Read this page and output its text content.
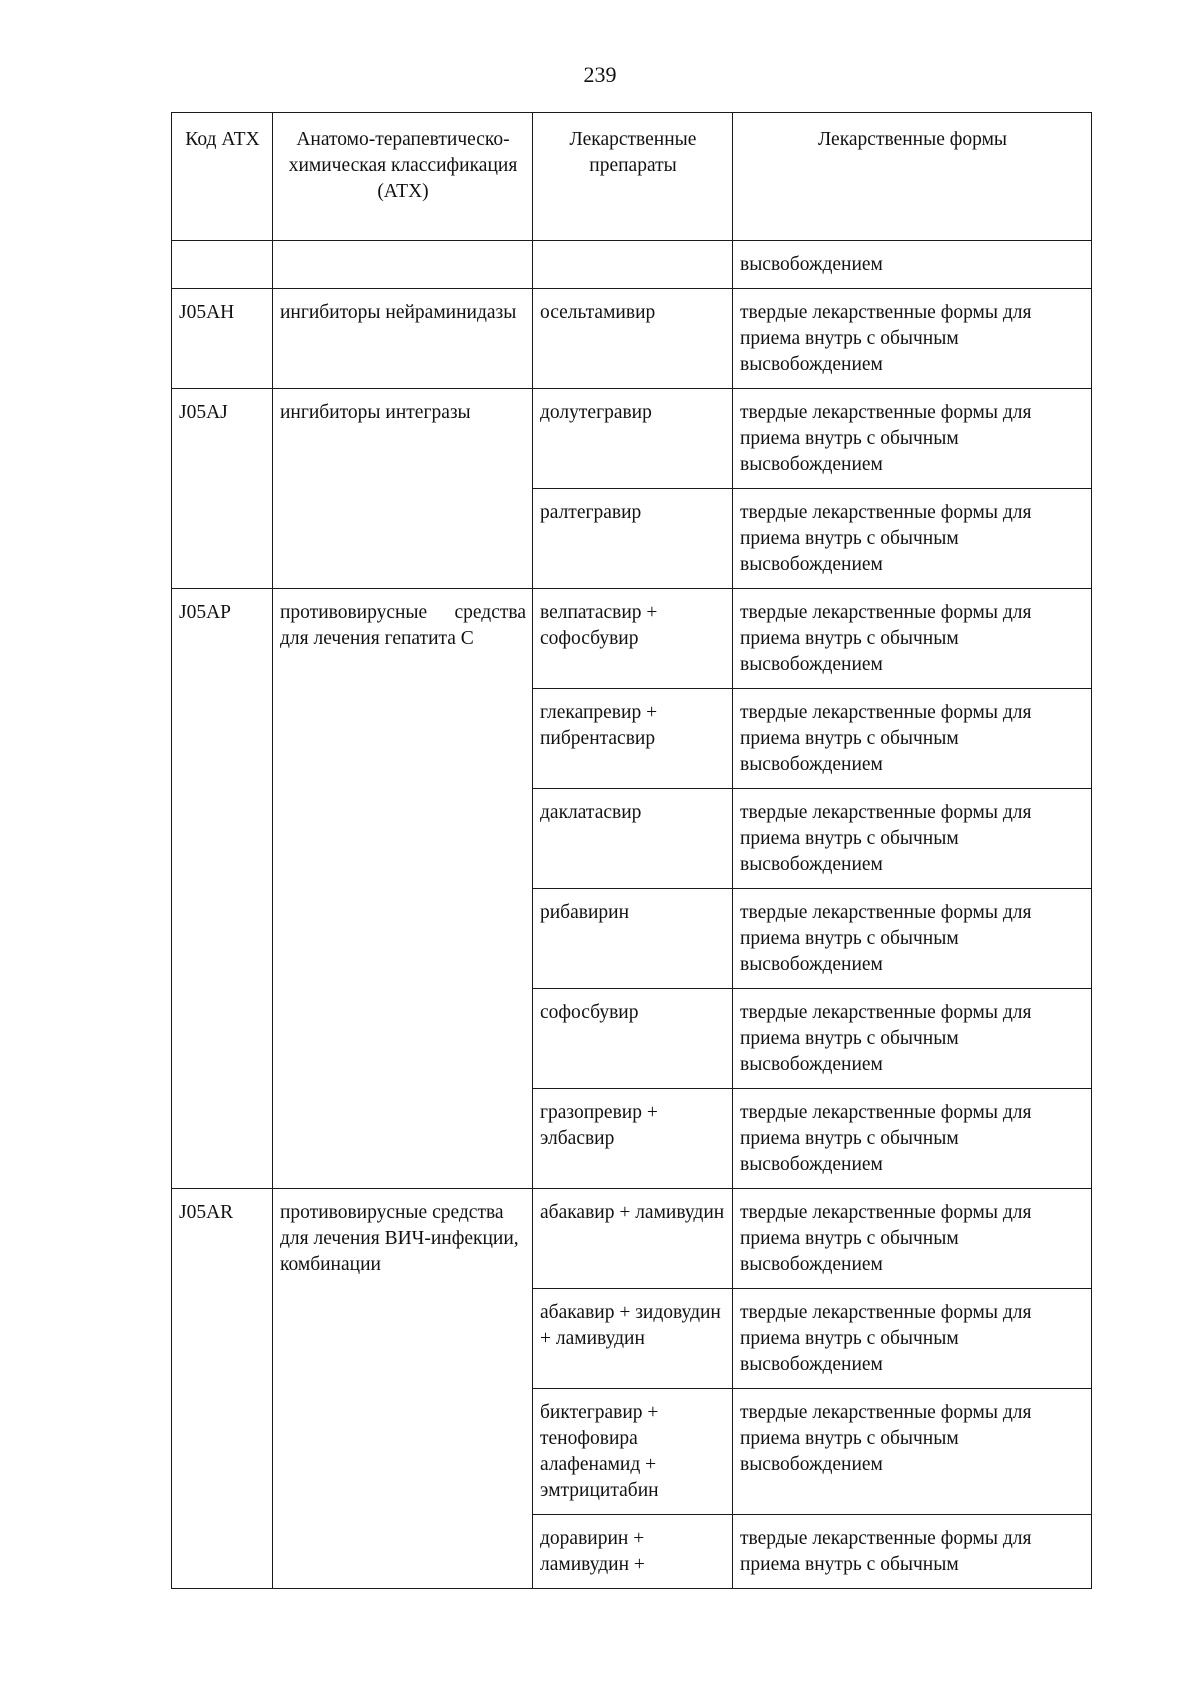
239
Код АТХ	Анатомо-терапевтическо-химическая классификация (АТХ)	Лекарственные препараты	Лекарственные формы
			высвобождением
J05AH	ингибиторы нейраминидазы	осельтамивир	твердые лекарственные формы для приема внутрь с обычным высвобождением
J05AJ	ингибиторы интегразы	долутегравир	твердые лекарственные формы для приема внутрь с обычным высвобождением
		ралтегравир	твердые лекарственные формы для приема внутрь с обычным высвобождением
J05AP	противовирусные средства для лечения гепатита C	велпатасвир + софосбувир	твердые лекарственные формы для приема внутрь с обычным высвобождением
		глекапревир + пибрентасвир	твердые лекарственные формы для приема внутрь с обычным высвобождением
		даклатасвир	твердые лекарственные формы для приема внутрь с обычным высвобождением
		рибавирин	твердые лекарственные формы для приема внутрь с обычным высвобождением
		софосбувир	твердые лекарственные формы для приема внутрь с обычным высвобождением
		гразопревир + элбасвир	твердые лекарственные формы для приема внутрь с обычным высвобождением
J05AR	противовирусные средства для лечения ВИЧ-инфекции, комбинации	абакавир + ламивудин	твердые лекарственные формы для приема внутрь с обычным высвобождением
		абакавир + зидовудин + ламивудин	твердые лекарственные формы для приема внутрь с обычным высвобождением
		биктегравир + тенофовира алафенамид + эмтрицитабин	твердые лекарственные формы для приема внутрь с обычным высвобождением
		доравирин + ламивудин +	твердые лекарственные формы для приема внутрь с обычным
